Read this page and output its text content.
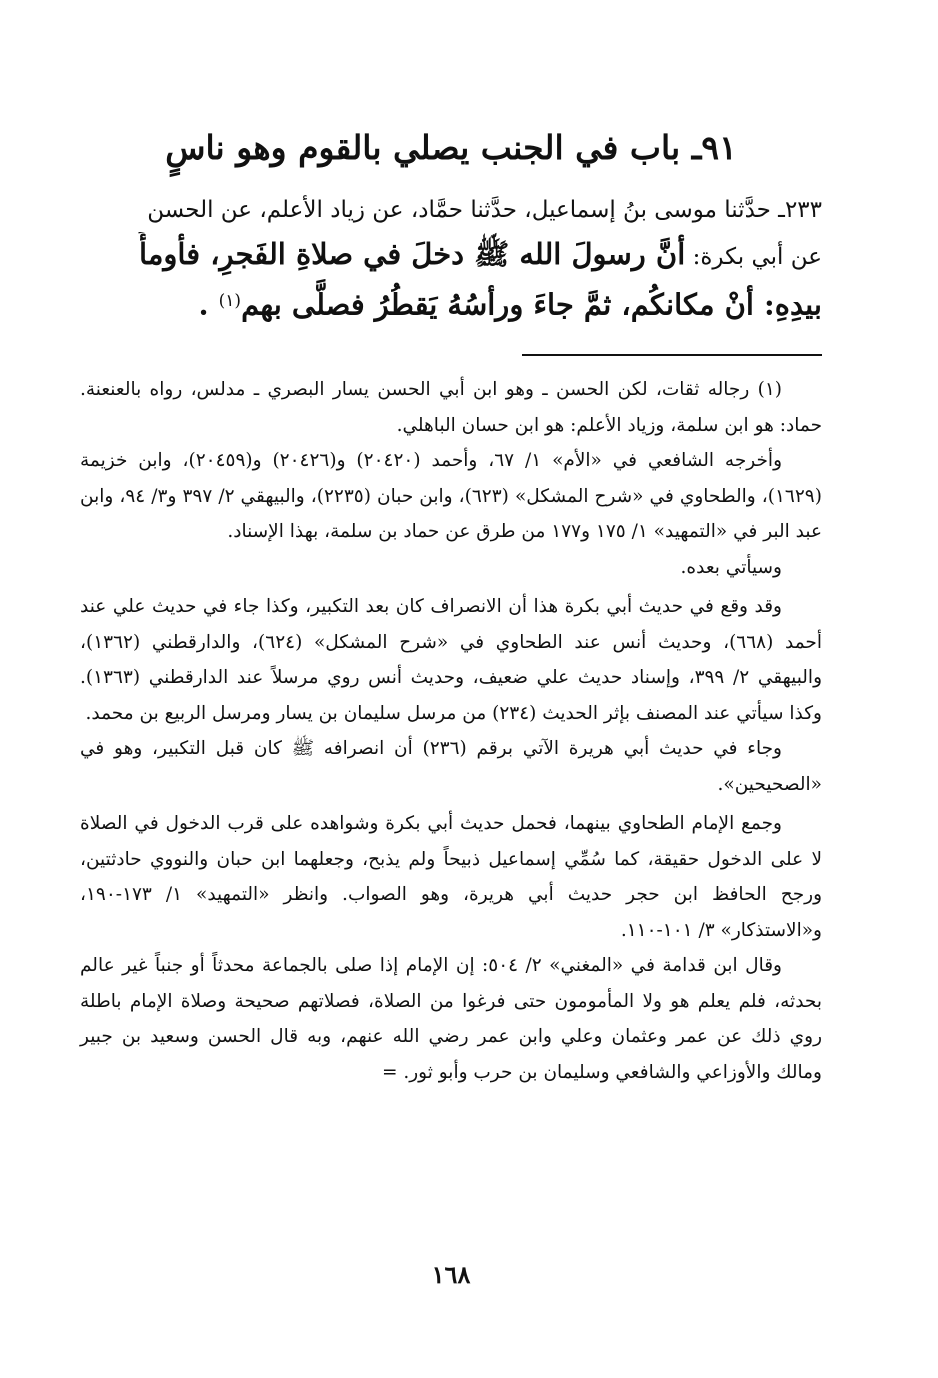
٩١ـ باب في الجنب يصلي بالقوم وهو ناسٍ
٢٣٣ـ حدَّثنا موسى بنُ إسماعيل، حدَّثنا حمَّاد، عن زياد الأعلم، عن الحسن
عن أبي بكرة: أنَّ رسولَ الله ﷺ دخلَ في صلاةِ الفَجرِ، فأومأَ
بيدِهِ: أنْ مكانكُم، ثمَّ جاءَ ورأسُهُ يَقطُرُ فصلَّى بهم$^{(١)}$ .

(١) رجاله ثقات، لكن الحسن ـ وهو ابن أبي الحسن يسار البصري ـ مدلس، رواه بالعنعنة. حماد: هو ابن سلمة، وزياد الأعلم: هو ابن حسان الباهلي.

وأخرجه الشافعي في «الأم» ١/ ٦٧، وأحمد (٢٠٤٢٠) و(٢٠٤٢٦) و(٢٠٤٥٩)، وابن خزيمة (١٦٢٩)، والطحاوي في «شرح المشكل» (٦٢٣)، وابن حبان (٢٢٣٥)، والبيهقي ٢/ ٣٩٧ و٣/ ٩٤، وابن عبد البر في «التمهيد» ١/ ١٧٥ و١٧٧ من طرق عن حماد بن سلمة، بهذا الإسناد.

وسيأتي بعده.

وقد وقع في حديث أبي بكرة هذا أن الانصراف كان بعد التكبير، وكذا جاء في حديث علي عند أحمد (٦٦٨)، وحديث أنس عند الطحاوي في «شرح المشكل» (٦٢٤)، والدارقطني (١٣٦٢)، والبيهقي ٢/ ٣٩٩، وإسناد حديث علي ضعيف، وحديث أنس روي مرسلاً عند الدارقطني (١٣٦٣). وكذا سيأتي عند المصنف بإثر الحديث (٢٣٤) من مرسل سليمان بن يسار ومرسل الربيع بن محمد.

وجاء في حديث أبي هريرة الآتي برقم (٢٣٦) أن انصرافه ﷺ كان قبل التكبير، وهو في «الصحيحين».

وجمع الإمام الطحاوي بينهما، فحمل حديث أبي بكرة وشواهده على قرب الدخول في الصلاة لا على الدخول حقيقة، كما سُمِّي إسماعيل ذبيحاً ولم يذبح، وجعلهما ابن حبان والنووي حادثتين، ورجح الحافظ ابن حجر حديث أبي هريرة، وهو الصواب. وانظر «التمهيد» ١/ ١٧٣-١٩٠، و«الاستذكار» ٣/ ١٠١-١١٠.

وقال ابن قدامة في «المغني» ٢/ ٥٠٤: إن الإمام إذا صلى بالجماعة محدثاً أو جنباً غير عالم بحدثه، فلم يعلم هو ولا المأمومون حتى فرغوا من الصلاة، فصلاتهم صحيحة وصلاة الإمام باطلة روي ذلك عن عمر وعثمان وعلي وابن عمر رضي الله عنهم، وبه قال الحسن وسعيد بن جبير ومالك والأوزاعي والشافعي وسليمان بن حرب وأبو ثور. =

١٦٨
